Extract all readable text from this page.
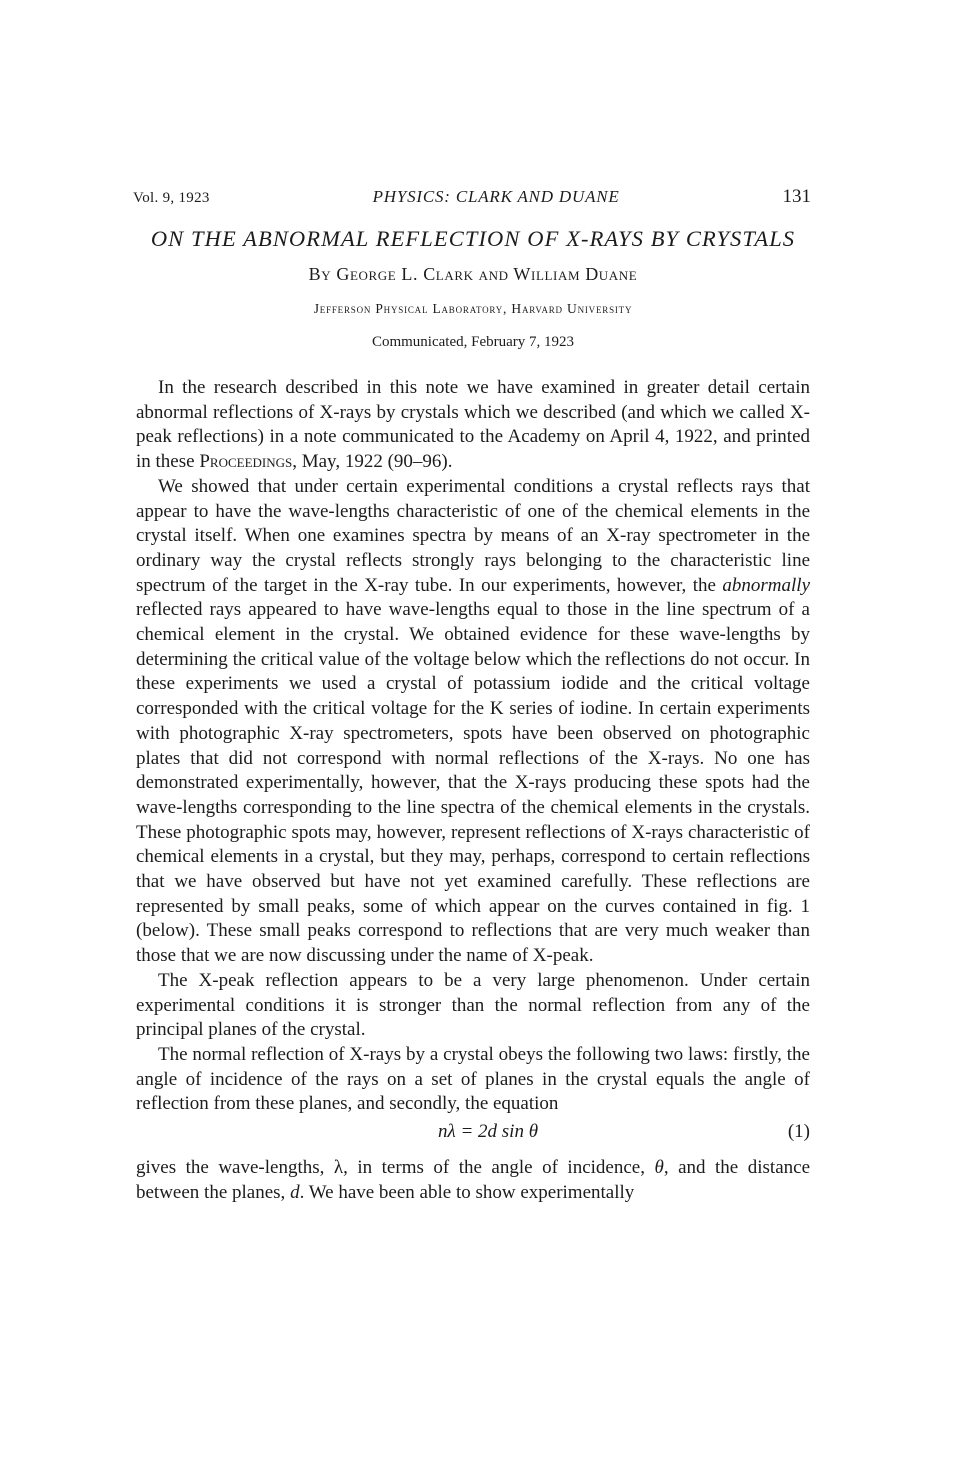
Vol. 9, 1923	PHYSICS: CLARK AND DUANE	131
ON THE ABNORMAL REFLECTION OF X-RAYS BY CRYSTALS
By George L. Clark and William Duane
Jefferson Physical Laboratory, Harvard University
Communicated, February 7, 1923

In the research described in this note we have examined in greater detail certain abnormal reflections of X-rays by crystals which we described (and which we called X-peak reflections) in a note communicated to the Academy on April 4, 1922, and printed in these Proceedings, May, 1922 (90–96).

We showed that under certain experimental conditions a crystal reflects rays that appear to have the wave-lengths characteristic of one of the chemical elements in the crystal itself. When one examines spectra by means of an X-ray spectrometer in the ordinary way the crystal reflects strongly rays belonging to the characteristic line spectrum of the target in the X-ray tube. In our experiments, however, the abnormally reflected rays appeared to have wave-lengths equal to those in the line spectrum of a chemical element in the crystal. We obtained evidence for these wave-lengths by determining the critical value of the voltage below which the reflections do not occur. In these experiments we used a crystal of potassium iodide and the critical voltage corresponded with the critical voltage for the K series of iodine. In certain experiments with photographic X-ray spectrometers, spots have been observed on photographic plates that did not correspond with normal reflections of the X-rays. No one has demonstrated experimentally, however, that the X-rays producing these spots had the wave-lengths corresponding to the line spectra of the chemical elements in the crystals. These photographic spots may, however, represent reflections of X-rays characteristic of chemical elements in a crystal, but they may, perhaps, correspond to certain reflections that we have observed but have not yet examined carefully. These reflections are represented by small peaks, some of which appear on the curves contained in fig. 1 (below). These small peaks correspond to reflections that are very much weaker than those that we are now discussing under the name of X-peak.

The X-peak reflection appears to be a very large phenomenon. Under certain experimental conditions it is stronger than the normal reflection from any of the principal planes of the crystal.

The normal reflection of X-rays by a crystal obeys the following two laws: firstly, the angle of incidence of the rays on a set of planes in the crystal equals the angle of reflection from these planes, and secondly, the equation

nλ = 2d sin θ	(1)

gives the wave-lengths, λ, in terms of the angle of incidence, θ, and the distance between the planes, d. We have been able to show experimentally
